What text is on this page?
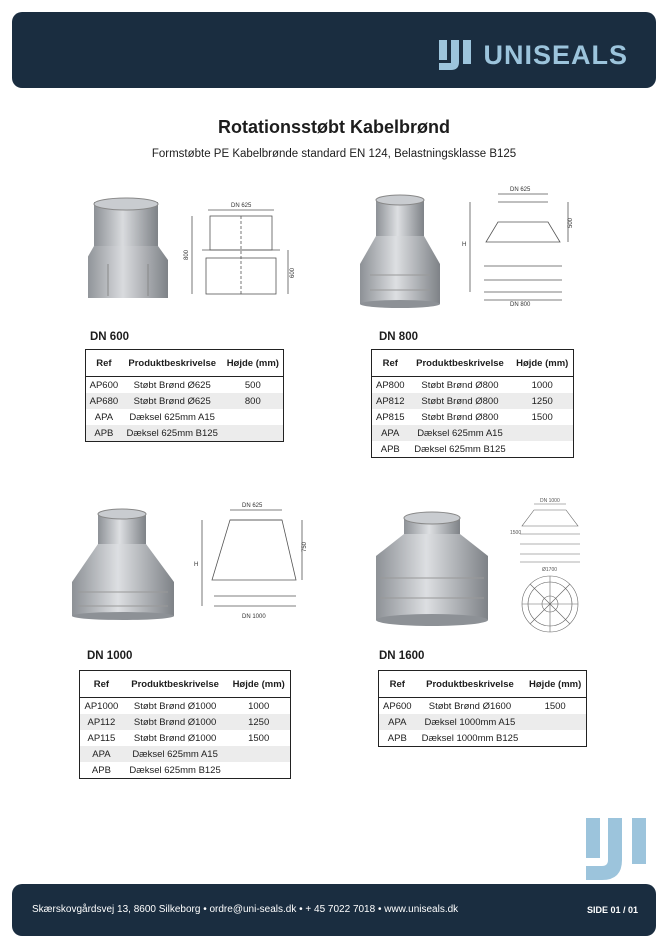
UNISEALS
Rotationsstøbt Kabelbrønd
Formstøbte PE Kabelbrønde standard EN 124, Belastningsklasse B125
DN 625
800
600
DN 625
500
H
DN 800
DN 600
Ref	Produktbeskrivelse	Højde (mm)
AP600	Støbt Brønd Ø625	500
AP680	Støbt Brønd Ø625	800
APA	Dæksel 625mm A15	
APB	Dæksel 625mm B125	
DN 800
Ref	Produktbeskrivelse	Højde (mm)
AP800	Støbt Brønd Ø800	1000
AP812	Støbt Brønd Ø800	1250
AP815	Støbt Brønd Ø800	1500
APA	Dæksel 625mm A15	
APB	Dæksel 625mm B125	
DN 625
750
H
DN 1000
DN 1000
Ø1700
1500
DN 1000
Ref	Produktbeskrivelse	Højde (mm)
AP1000	Støbt Brønd Ø1000	1000
AP112	Støbt Brønd Ø1000	1250
AP115	Støbt Brønd Ø1000	1500
APA	Dæksel 625mm A15	
APB	Dæksel 625mm B125	
DN 1600
Ref	Produktbeskrivelse	Højde (mm)
AP600	Støbt Brønd Ø1600	1500
APA	Dæksel 1000mm A15	
APB	Dæksel 1000mm B125	
Skærskovgårdsvej 13, 8600 Silkeborg • ordre@uni-seals.dk • + 45 7022 7018 • www.uniseals.dk	SIDE 01 / 01
